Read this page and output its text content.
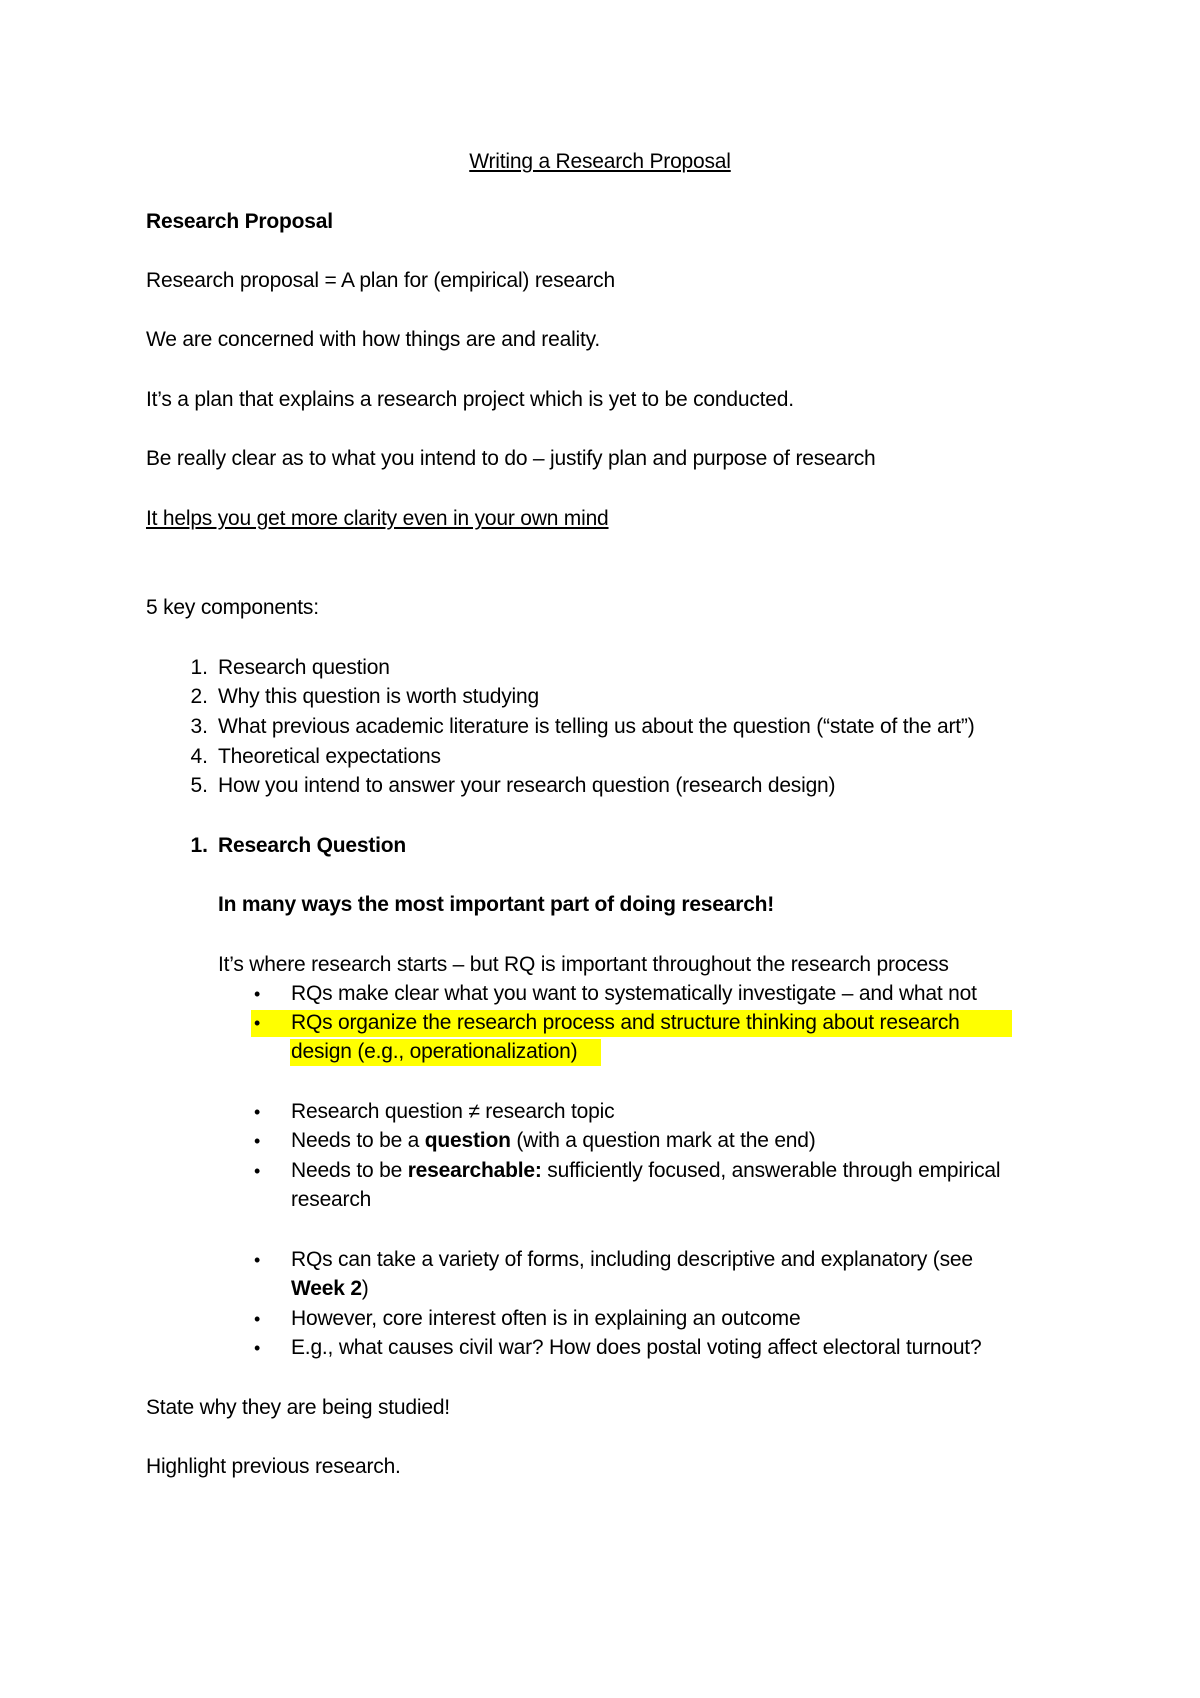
Writing a Research Proposal
Research Proposal
Research proposal = A plan for (empirical) research
We are concerned with how things are and reality.
It’s a plan that explains a research project which is yet to be conducted.
Be really clear as to what you intend to do – justify plan and purpose of research
It helps you get more clarity even in your own mind
5 key components:
1. Research question
2. Why this question is worth studying
3. What previous academic literature is telling us about the question (“state of the art”)
4. Theoretical expectations
5. How you intend to answer your research question (research design)
1. Research Question
In many ways the most important part of doing research!
It’s where research starts – but RQ is important throughout the research process
• RQs make clear what you want to systematically investigate – and what not
• RQs organize the research process and structure thinking about research
design (e.g., operationalization)
• Research question ≠ research topic
• Needs to be a question (with a question mark at the end)
• Needs to be researchable: sufficiently focused, answerable through empirical
research
• RQs can take a variety of forms, including descriptive and explanatory (see
Week 2)
• However, core interest often is in explaining an outcome
• E.g., what causes civil war? How does postal voting affect electoral turnout?
State why they are being studied!
Highlight previous research.
